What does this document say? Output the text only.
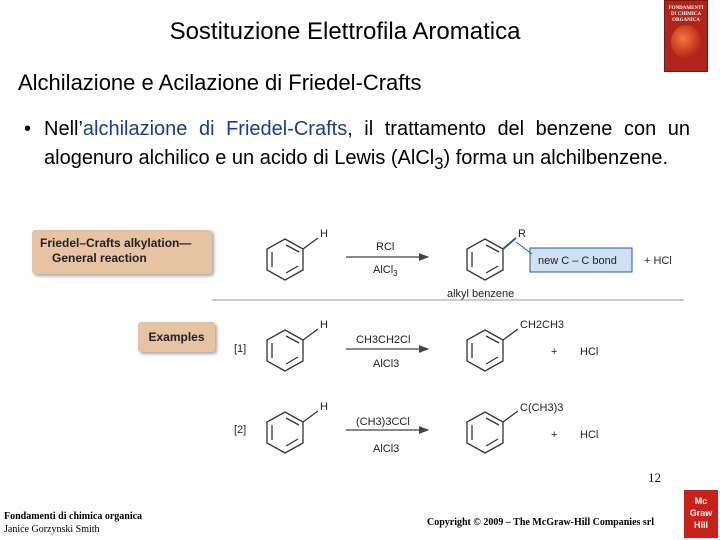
Sostituzione Elettrofila Aromatica
FONDAMENTI
DI CHIMICA
ORGANICA
Alchilazione e Acilazione di Friedel-Crafts
• Nell’alchilazione di Friedel-Crafts, il trattamento del benzene con un alogenuro alchilico e un acido di Lewis (AlCl$_3$) forma un alchilbenzene.
Friedel–Crafts alkylation—
General reaction
Examples
H
RCl
AlCl$_3$
R
new C – C bond + HCl
alkyl benzene
[1]
H
CH3CH2Cl
AlCl3
CH2CH3
+ HCl
[2]
H
(CH3)3CCl
AlCl3
C(CH3)3
+ HCl
Fondamenti di chimica organica
Janice Gorzynski Smith
12
Copyright © 2009 – The McGraw-Hill Companies srl
Mc
Graw
Hill
